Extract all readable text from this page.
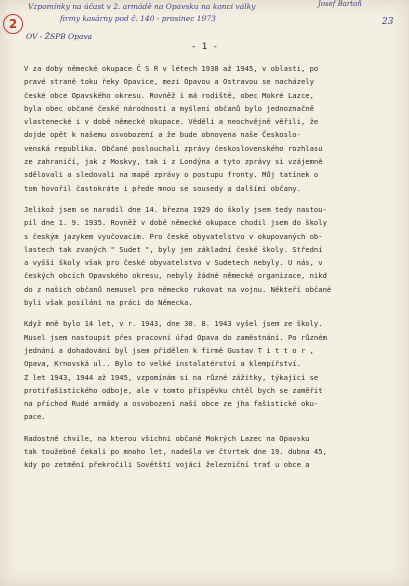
2
Vzpomínky na účast v 2. armádě na Opavsku na konci války	Josef Bartoň
firmy kasárny pod č. 140 - prosinec 1973	23
OV - ŽSPB Opava
- 1 -
V za doby německé okupace Č S R v létech 1938 až 1945, v oblasti, po
pravé straně toku řeky Opavice, mezi Opavou a Ostravou se nacházely
české obce Opavského okresu. Rovněž i má rodiště, obec Mokré Lazce,
byla obec občané české národnosti a myšlení občanů bylo jednoznačně
vlastenecké i v době německé okupace. Věděli a neochvějně věřili, že
dojde opět k našemu osvobození a že bude obnovena naše Českoslo-
venská republika. Občané poslouchali zprávy československého rozhlasu
ze zahraničí, jak z Moskvy, tak i z Londýna a tyto zprávy si vzájemně
sdělovali a sledovali na mapě zprávy o postupu fronty. Můj tatínek o
tom hovořil častokráte i přede mnou se sousedy a dalšími občany.
Jelikož jsem se narodil dne 14. března 1929 do školy jsem tedy nastou-
pil dne 1. 9. 1935. Rovněž v době německé okupace chodil jsem do školy
s českým jazykem vyučovacím. Pro české obyvatelstvo v okupovaných ob-
lastech tak zvaných " Sudet ", byly jen základní české školy. Střední
a vyšší školy však pro české obyvatelstvo v Sudetech nebyly. U nás, v
českých obcích Opavského okresu, nebyly žádné německé organizace, nikd
do z našich občanů nemusel pro německo rukovat na vojnu. Někteří občané
byli však posíláni na práci do Německa.
Když mně bylo 14 let, v r. 1943, dne 30. 8. 1943 vyšel jsem ze školy.
Musel jsem nastoupit přes pracovní úřad Opava do zaměstnání. Po různém
jednání a dohadování byl jsem přidělen k firmě Gustav T i t t o r ,
Opava, Krnovská ul.. Bylo to velké instalatérství a klempířství.
Z let 1943, 1944 až 1945, vzpomínám si na různé zážitky, týkající se
protifašistického odboje, ale v tomto příspěvku chtěl bych se zaměřit
na příchod Rudé armády a osvobození naší obce ze jha fašistické oku-
pace.
Radostné chvíle, na kterou všichni občané Mokrých Lazec na Opavsku
tak toužebně čekali po mnoho let, nadešla ve čtvrtek dne 19. dubna 45,
kdy po zetmění překročili Sovětští vojáci železniční trať u obce a
